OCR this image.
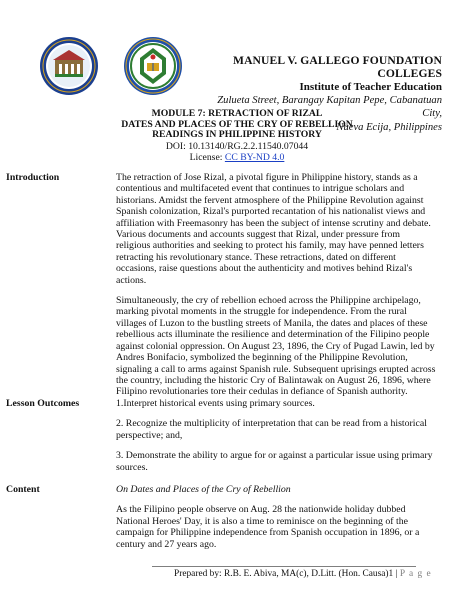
MANUEL V. GALLEGO FOUNDATION COLLEGES
Institute of Teacher Education
Zulueta Street, Barangay Kapitan Pepe, Cabanatuan City,
Nueva Ecija, Philippines
MODULE 7: RETRACTION OF RIZAL
DATES AND PLACES OF THE CRY OF REBELLION
READINGS IN PHILIPPINE HISTORY
DOI: 10.13140/RG.2.2.11540.07044
License: CC BY-ND 4.0
Introduction	The retraction of Jose Rizal, a pivotal figure in Philippine history, stands as a contentious and multifaceted event that continues to intrigue scholars and historians. Amidst the fervent atmosphere of the Philippine Revolution against Spanish colonization, Rizal's purported recantation of his nationalist views and affiliation with Freemasonry has been the subject of intense scrutiny and debate. Various documents and accounts suggest that Rizal, under pressure from religious authorities and seeking to protect his family, may have penned letters retracting his revolutionary stance. These retractions, dated on different occasions, raise questions about the authenticity and motives behind Rizal's actions.

Simultaneously, the cry of rebellion echoed across the Philippine archipelago, marking pivotal moments in the struggle for independence. From the rural villages of Luzon to the bustling streets of Manila, the dates and places of these rebellious acts illuminate the resilience and determination of the Filipino people against colonial oppression. On August 23, 1896, the Cry of Pugad Lawin, led by Andres Bonifacio, symbolized the beginning of the Philippine Revolution, signaling a call to arms against Spanish rule. Subsequent uprisings erupted across the country, including the historic Cry of Balintawak on August 26, 1896, where Filipino revolutionaries tore their cedulas in defiance of Spanish authority.

Lesson Outcomes	1.Interpret historical events using primary sources.

2. Recognize the multiplicity of interpretation that can be read from a historical perspective; and,

3. Demonstrate the ability to argue for or against a particular issue using primary sources.

Content	On Dates and Places of the Cry of Rebellion

As the Filipino people observe on Aug. 28 the nationwide holiday dubbed National Heroes' Day, it is also a time to reminisce on the beginning of the campaign for Philippine independence from Spanish occupation in 1896, or a century and 27 years ago.

Prepared by: R.B. E. Abiva, MA(c), D.Litt. (Hon. Causa)1 | P a g e
